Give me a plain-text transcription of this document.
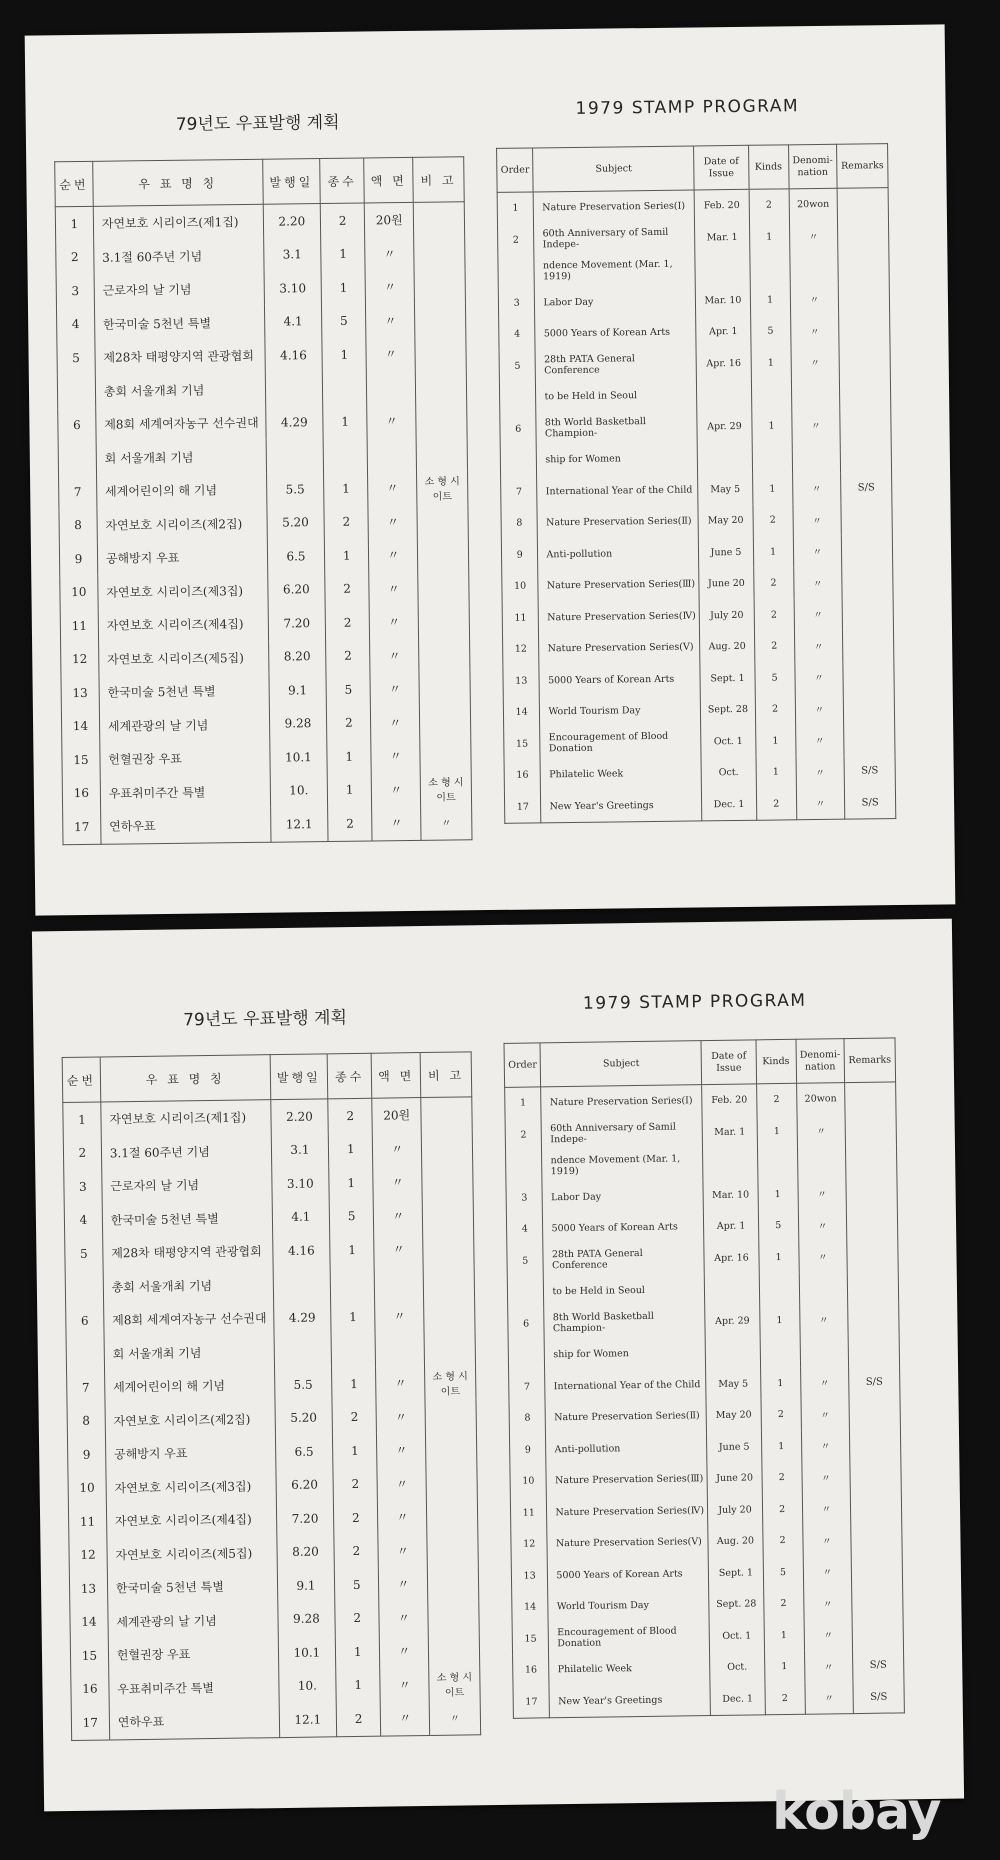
79년도 우표발행 계획
1979 STAMP PROGRAM
순번	우 표 명 칭	발행일	종수	액 면	비 고
1	자연보호 시리이즈(제1집)	2.20	2	20원	
2	3.1절 60주년 기념	3.1	1	〃	
3	근로자의 날 기념	3.10	1	〃	
4	한국미술 5천년 특별	4.1	5	〃	
5	제28차 태평양지역 관광협회	4.16	1	〃	
	총회 서울개최 기념				
6	제8회 세계여자농구 선수권대	4.29	1	〃	
	회 서울개최 기념				
7	세계어린이의 해 기념	5.5	1	〃	소 형 시이트
8	자연보호 시리이즈(제2집)	5.20	2	〃	
9	공해방지 우표	6.5	1	〃	
10	자연보호 시리이즈(제3집)	6.20	2	〃	
11	자연보호 시리이즈(제4집)	7.20	2	〃	
12	자연보호 시리이즈(제5집)	8.20	2	〃	
13	한국미술 5천년 특별	9.1	5	〃	
14	세계관광의 날 기념	9.28	2	〃	
15	헌혈권장 우표	10.1	1	〃	
16	우표취미주간 특별	10.	1	〃	소 형 시이트
17	연하우표	12.1	2	〃	〃
Order	Subject	Date of Issue	Kinds	Denomi-nation	Remarks
1	Nature Preservation Series(Ⅰ)	Feb. 20	2	20won	
2	60th Anniversary of Samil Indepe-	Mar. 1	1	〃	
	ndence Movement (Mar. 1, 1919)				
3	Labor Day	Mar. 10	1	〃	
4	5000 Years of Korean Arts	Apr. 1	5	〃	
5	28th PATA General Conference	Apr. 16	1	〃	
	to be Held in Seoul				
6	8th World Basketball Champion-	Apr. 29	1	〃	
	ship for Women				
7	International Year of the Child	May 5	1	〃	S/S
8	Nature Preservation Series(Ⅱ)	May 20	2	〃	
9	Anti-pollution	June 5	1	〃	
10	Nature Preservation Series(Ⅲ)	June 20	2	〃	
11	Nature Preservation Series(Ⅳ)	July 20	2	〃	
12	Nature Preservation Series(Ⅴ)	Aug. 20	2	〃	
13	5000 Years of Korean Arts	Sept. 1	5	〃	
14	World Tourism Day	Sept. 28	2	〃	
15	Encouragement of Blood Donation	Oct. 1	1	〃	
16	Philatelic Week	Oct.	1	〃	S/S
17	New Year's Greetings	Dec. 1	2	〃	S/S
79년도 우표발행 계획
1979 STAMP PROGRAM
순번	우 표 명 칭	발행일	종수	액 면	비 고
1	자연보호 시리이즈(제1집)	2.20	2	20원	
2	3.1절 60주년 기념	3.1	1	〃	
3	근로자의 날 기념	3.10	1	〃	
4	한국미술 5천년 특별	4.1	5	〃	
5	제28차 태평양지역 관광협회	4.16	1	〃	
	총회 서울개최 기념				
6	제8회 세계여자농구 선수권대	4.29	1	〃	
	회 서울개최 기념				
7	세계어린이의 해 기념	5.5	1	〃	소 형 시이트
8	자연보호 시리이즈(제2집)	5.20	2	〃	
9	공해방지 우표	6.5	1	〃	
10	자연보호 시리이즈(제3집)	6.20	2	〃	
11	자연보호 시리이즈(제4집)	7.20	2	〃	
12	자연보호 시리이즈(제5집)	8.20	2	〃	
13	한국미술 5천년 특별	9.1	5	〃	
14	세계관광의 날 기념	9.28	2	〃	
15	헌혈권장 우표	10.1	1	〃	
16	우표취미주간 특별	10.	1	〃	소 형 시이트
17	연하우표	12.1	2	〃	〃
Order	Subject	Date of Issue	Kinds	Denomi-nation	Remarks
1	Nature Preservation Series(Ⅰ)	Feb. 20	2	20won	
2	60th Anniversary of Samil Indepe-	Mar. 1	1	〃	
	ndence Movement (Mar. 1, 1919)				
3	Labor Day	Mar. 10	1	〃	
4	5000 Years of Korean Arts	Apr. 1	5	〃	
5	28th PATA General Conference	Apr. 16	1	〃	
	to be Held in Seoul				
6	8th World Basketball Champion-	Apr. 29	1	〃	
	ship for Women				
7	International Year of the Child	May 5	1	〃	S/S
8	Nature Preservation Series(Ⅱ)	May 20	2	〃	
9	Anti-pollution	June 5	1	〃	
10	Nature Preservation Series(Ⅲ)	June 20	2	〃	
11	Nature Preservation Series(Ⅳ)	July 20	2	〃	
12	Nature Preservation Series(Ⅴ)	Aug. 20	2	〃	
13	5000 Years of Korean Arts	Sept. 1	5	〃	
14	World Tourism Day	Sept. 28	2	〃	
15	Encouragement of Blood Donation	Oct. 1	1	〃	
16	Philatelic Week	Oct.	1	〃	S/S
17	New Year's Greetings	Dec. 1	2	〃	S/S
kobay
